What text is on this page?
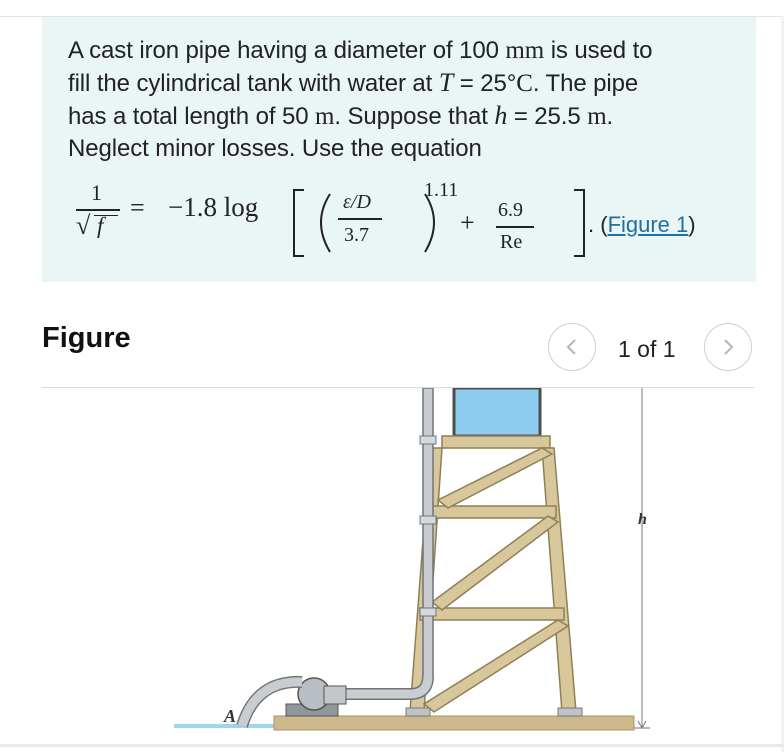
A cast iron pipe having a diameter of 100 mm is used to
fill the cylindrical tank with water at T = 25°C. The pipe
has a total length of 50 m. Suppose that h = 25.5 m.
Neglect minor losses. Use the equation
1
√ f
= −1.8 log	ε/D
3.7
1.11
+ 6.9
Re
. (Figure 1)
Figure	1 of 1
h
A
